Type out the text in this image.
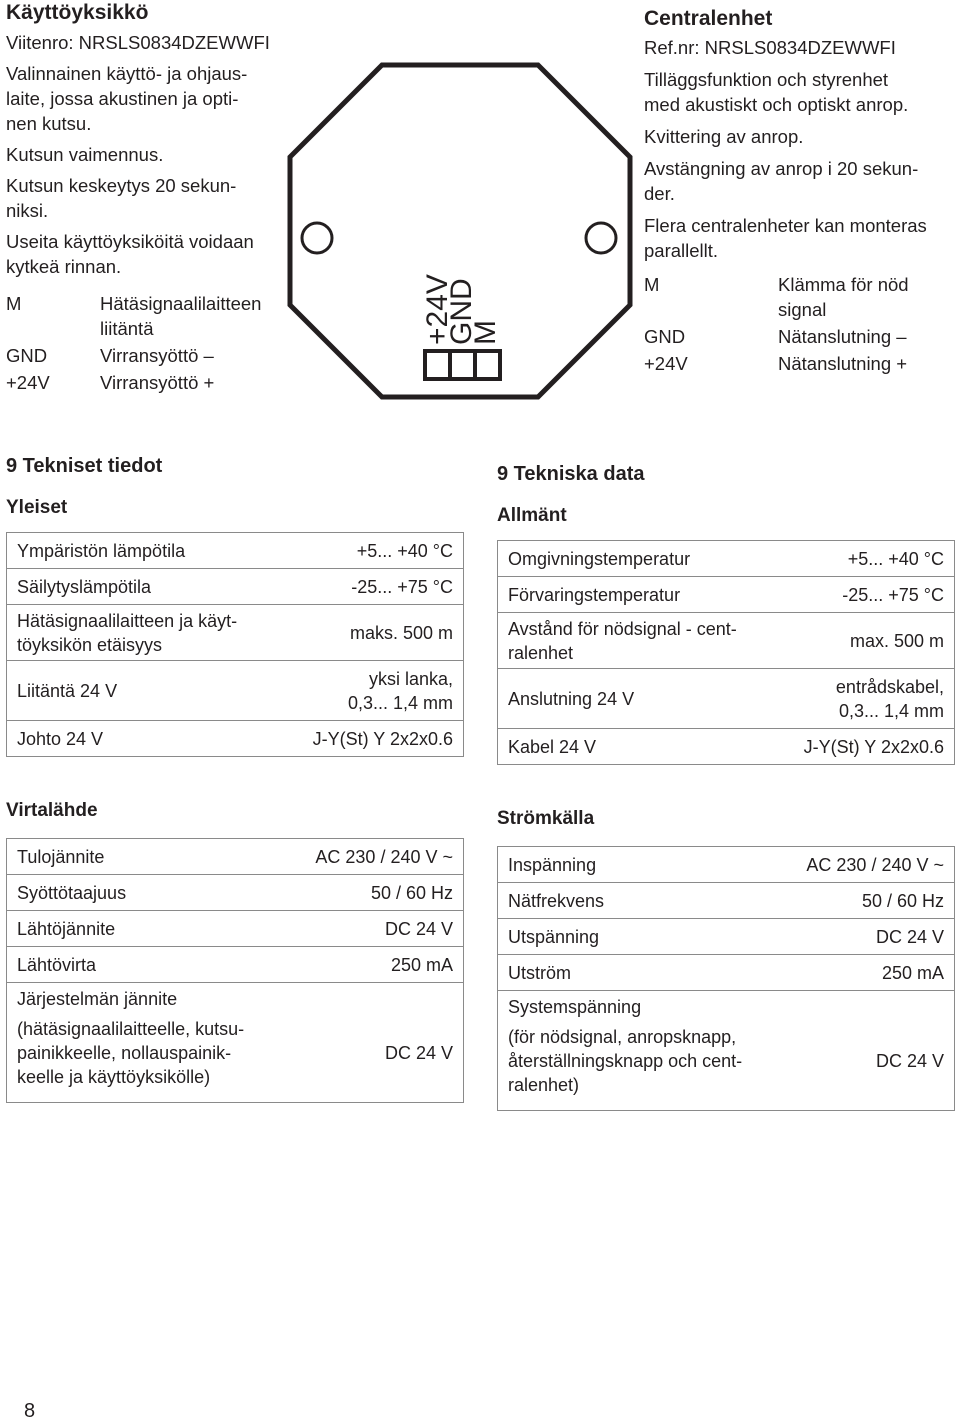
Käyttöyksikkö
Viitenro: NRSLS0834DZEWWFI
Valinnainen käyttö- ja ohjaus-
laite, jossa akustinen ja opti-
nen kutsu.
Kutsun vaimennus.
Kutsun keskeytys 20 sekun-
niksi.
Useita käyttöyksiköitä voidaan
kytkeä rinnan.
M	Hätäsignaalilaitteen liitäntä
GND	Virransyöttö –
+24V	Virransyöttö +
+24V
GND
M
Centralenhet
Ref.nr: NRSLS0834DZEWWFI
Tilläggsfunktion och styrenhet
med akustiskt och optiskt anrop.
Kvittering av anrop.
Avstängning av anrop i 20 sekun-
der.
Flera centralenheter kan monteras
parallellt.
M	Klämma för nöd signal
GND	Nätanslutning –
+24V	Nätanslutning +
9 Tekniset tiedot
Yleiset
Ympäristön lämpötila	+5... +40 °C
Säilytyslämpötila	-25... +75 °C
Hätäsignaalilaitteen ja käyt-
töyksikön etäisyys	maks. 500 m
Liitäntä 24 V	yksi lanka,
0,3... 1,4 mm
Johto 24 V	J-Y(St) Y 2x2x0.6
Virtalähde
Tulojännite	AC 230 / 240 V ~
Syöttötaajuus	50 / 60 Hz
Lähtöjännite	DC 24 V
Lähtövirta	250 mA

Järjestelmän jännite
(hätäsignaalilaitteelle, kutsu-
painikkeelle, nollauspainik-
keelle ja käyttöyksikölle)	DC 24 V
9 Tekniska data
Allmänt
Omgivningstemperatur	+5... +40 °C
Förvaringstemperatur	-25... +75 °C
Avstånd för nödsignal - cent-
ralenhet	max. 500 m
Anslutning 24 V	entrådskabel,
0,3... 1,4 mm
Kabel 24 V	J-Y(St) Y 2x2x0.6
Strömkälla
Inspänning	AC 230 / 240 V ~
Nätfrekvens	50 / 60 Hz
Utspänning	DC 24 V
Utström	250 mA

Systemspänning
(för nödsignal, anropsknapp,
återställningsknapp och cent-
ralenhet)	DC 24 V
8
